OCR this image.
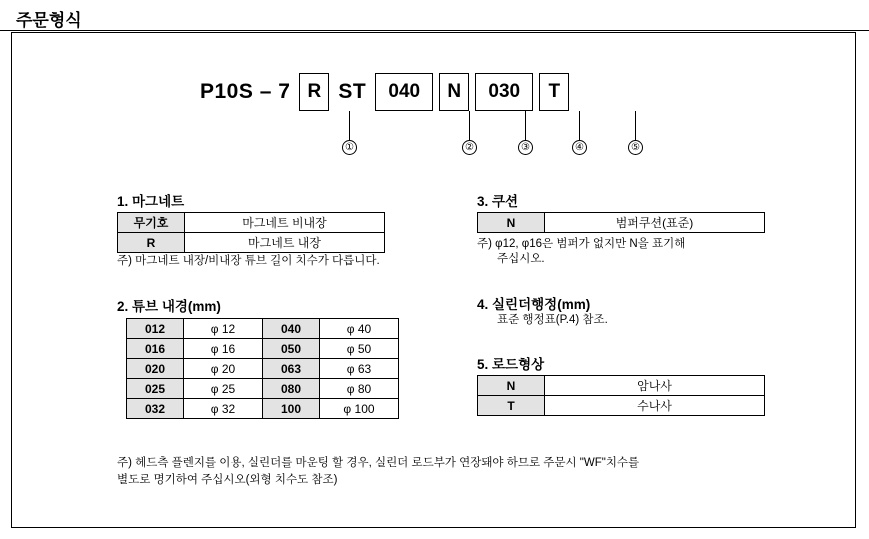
주문형식
P10S – 7 R ST	040	N	030	T
①	②	③	④	⑤
1. 마그네트
무기호	마그네트 비내장
R	마그네트 내장
주) 마그네트 내장/비내장 튜브 길이 치수가 다릅니다.
2. 튜브 내경(mm)
012	φ 12	040	φ 40
016	φ 16	050	φ 50
020	φ 20	063	φ 63
025	φ 25	080	φ 80
032	φ 32	100	φ 100
3. 쿠션
N	범퍼쿠션(표준)
주) φ12, φ16은 범퍼가 없지만 N을 표기해
주십시오.
4. 실린더행정(mm)
표준 행정표(P.4) 참조.
5. 로드형상
N	암나사
T	수나사
주) 헤드측 플렌지를 이용, 실린더를 마운팅 할 경우, 실린더 로드부가 연장돼야 하므로 주문시 "WF"치수를
별도로 명기하여 주십시오(외형 치수도 참조)
